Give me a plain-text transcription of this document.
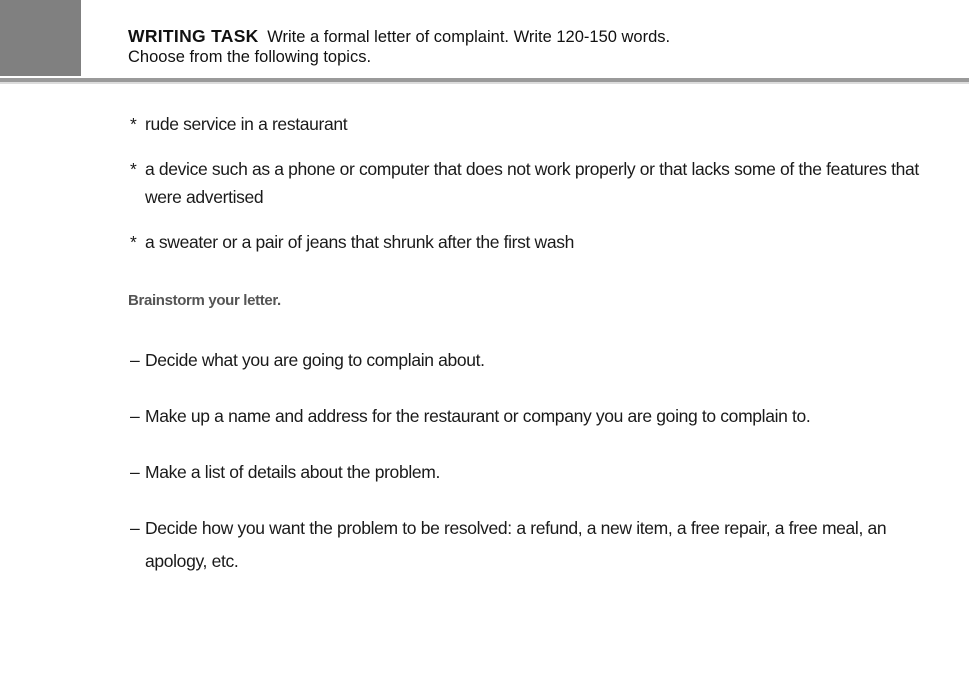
WRITING TASK Write a formal letter of complaint. Write 120-150 words.
Choose from the following topics.
* rude service in a restaurant
* a device such as a phone or computer that does not work properly or that lacks some of the features that were advertised
* a sweater or a pair of jeans that shrunk after the first wash
Brainstorm your letter.
– Decide what you are going to complain about.
– Make up a name and address for the restaurant or company you are going to complain to.
– Make a list of details about the problem.
– Decide how you want the problem to be resolved: a refund, a new item, a free repair, a free meal, an apology, etc.
